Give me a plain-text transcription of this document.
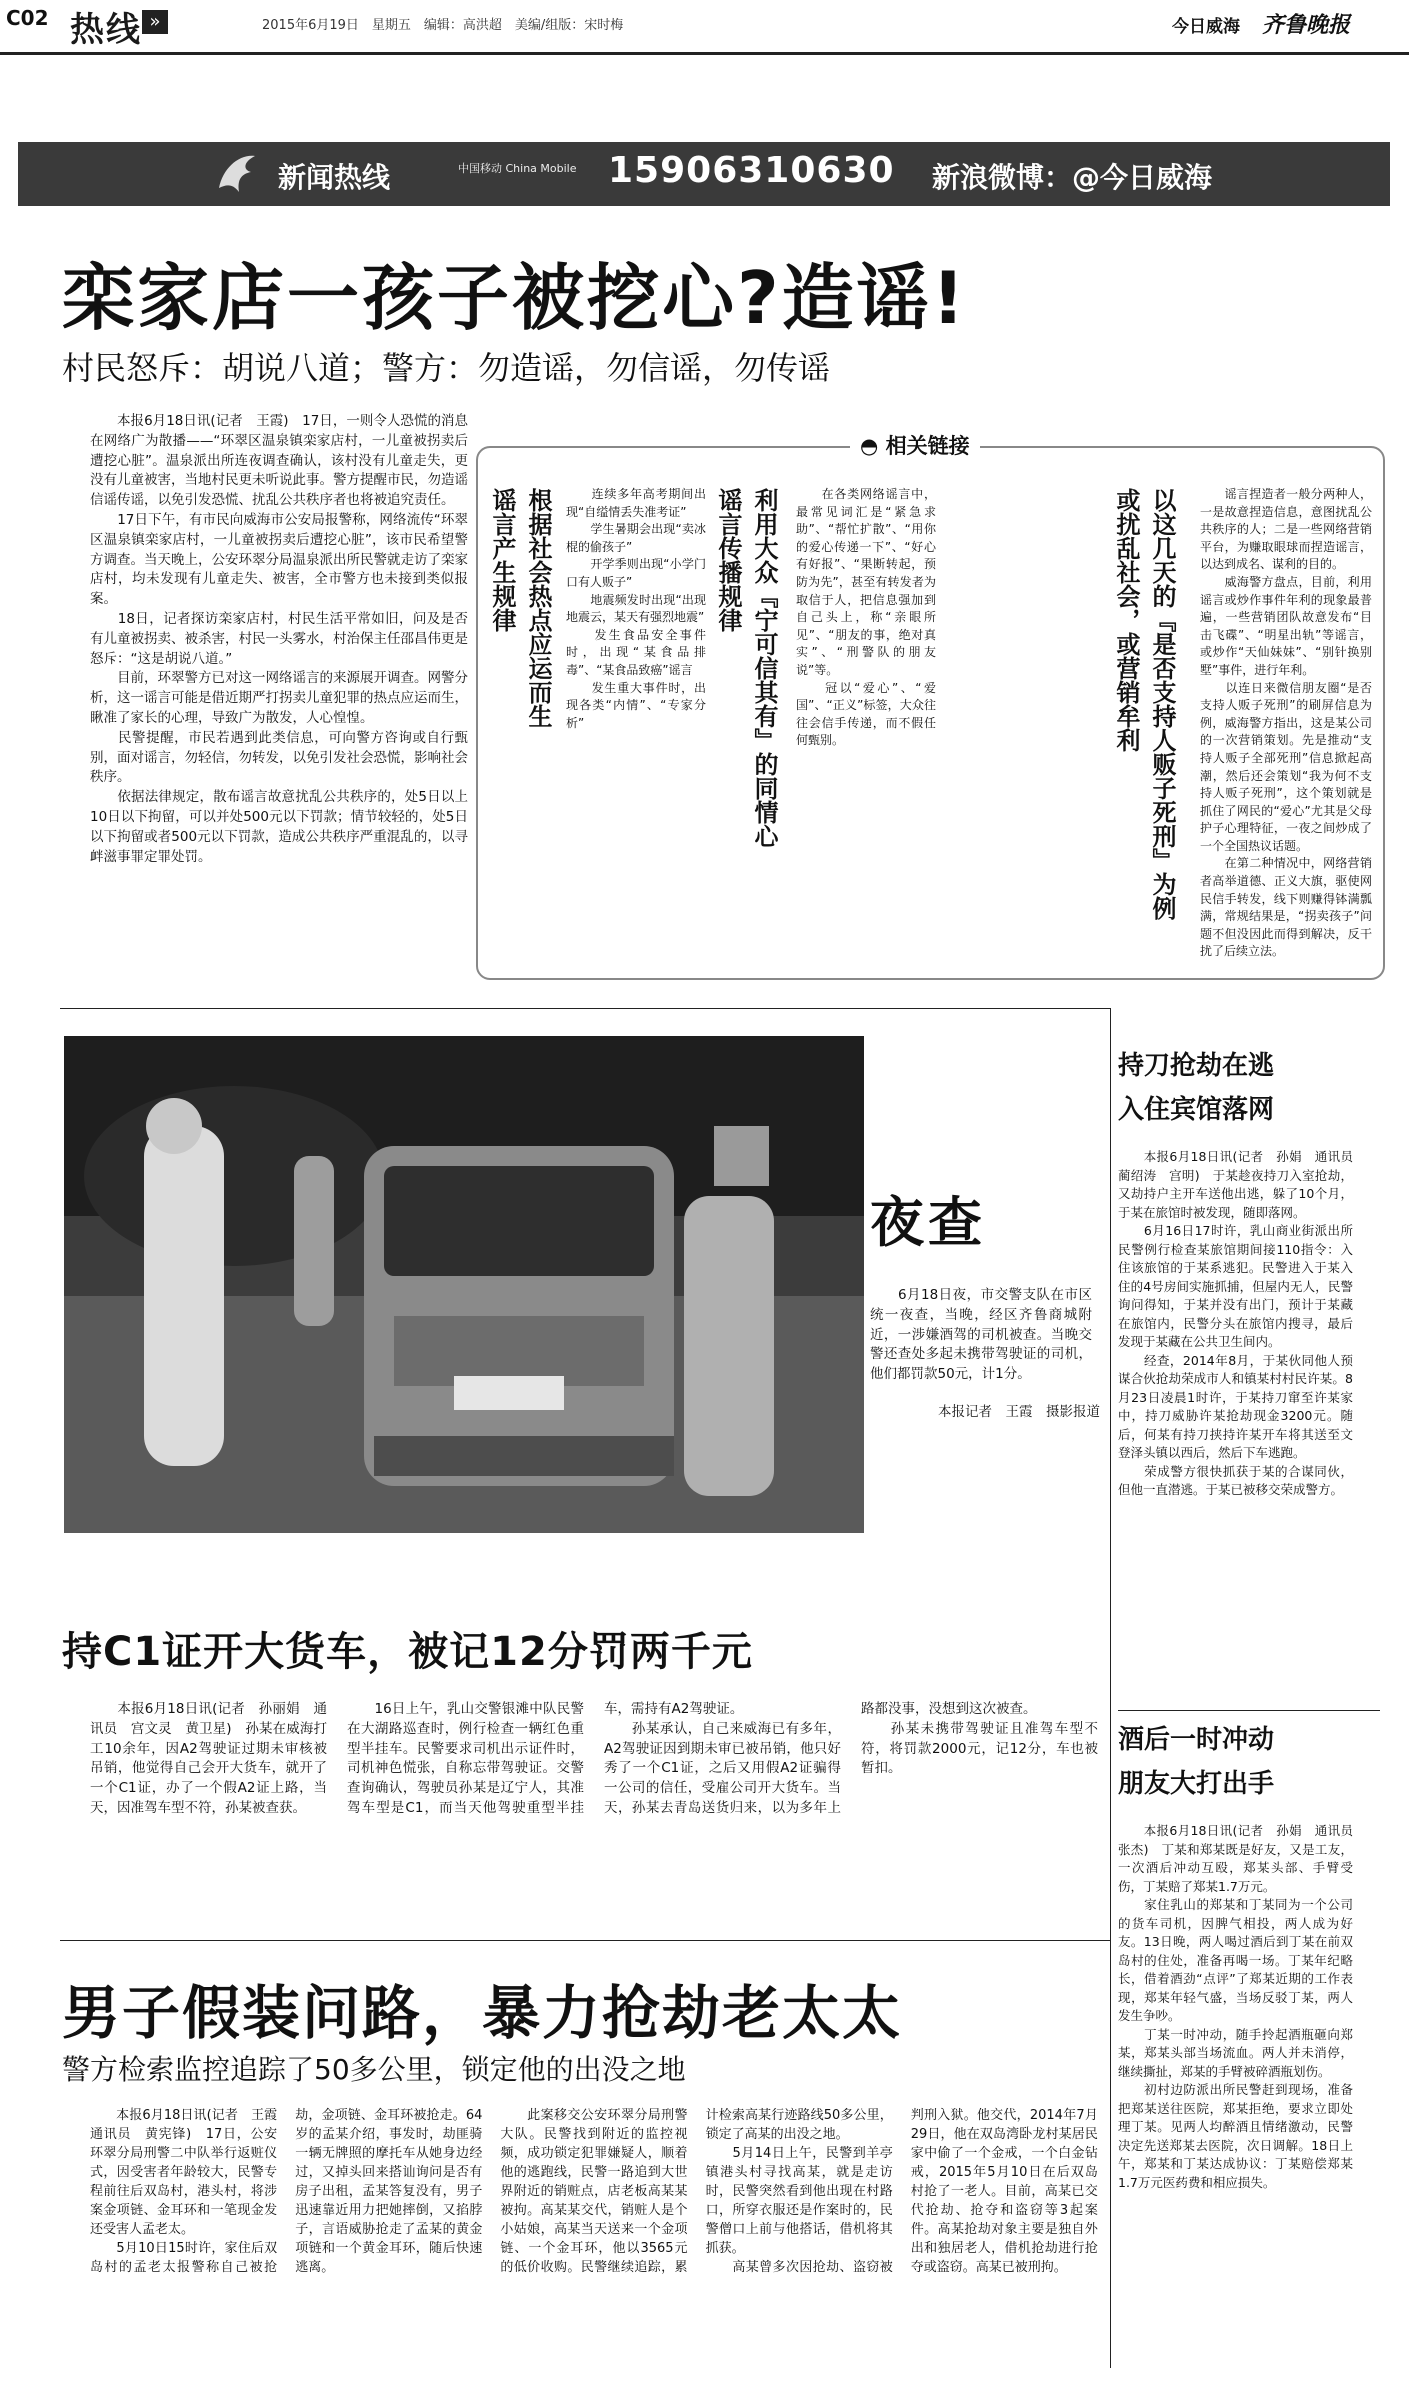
C02 热线 »	2015年6月19日　星期五　编辑：高洪超　美编/组版：宋时梅	今日威海 齐鲁晚报
新闻热线	中国移动 China Mobile 15906310630 新浪微博：@今日威海
栾家店一孩子被挖心?造谣!
村民怒斥：胡说八道；警方：勿造谣，勿信谣，勿传谣
　　本报6月18日讯(记者　王霞)　17日，一则令人恐慌的消息在网络广为散播——“环翠区温泉镇栾家店村，一儿童被拐卖后遭挖心脏”。温泉派出所连夜调查确认，该村没有儿童走失，更没有儿童被害，当地村民更未听说此事。警方提醒市民，勿造谣信谣传谣，以免引发恐慌、扰乱公共秩序者也将被追究责任。
　　17日下午，有市民向威海市公安局报警称，网络流传“环翠区温泉镇栾家店村，一儿童被拐卖后遭挖心脏”，该市民希望警方调查。当天晚上，公安环翠分局温泉派出所民警就走访了栾家店村，均未发现有儿童走失、被害，全市警方也未接到类似报案。
　　18日，记者探访栾家店村，村民生活平常如旧，问及是否有儿童被拐卖、被杀害，村民一头雾水，村治保主任邵昌伟更是怒斥：“这是胡说八道。”
　　目前，环翠警方已对这一网络谣言的来源展开调查。网警分析，这一谣言可能是借近期严打拐卖儿童犯罪的热点应运而生，瞅准了家长的心理，导致广为散发，人心惶惶。
　　民警提醒，市民若遇到此类信息，可向警方咨询或自行甄别，面对谣言，勿轻信，勿转发，以免引发社会恐慌，影响社会秩序。
　　依据法律规定，散布谣言故意扰乱公共秩序的，处5日以上10日以下拘留，可以并处500元以下罚款；情节较轻的，处5日以下拘留或者500元以下罚款，造成公共秩序严重混乱的，以寻衅滋事罪定罪处罚。
◓ 相关链接
以这几天的『是否支持人贩子死刑』为例
或扰乱社会，或营销牟利	　　谣言捏造者一般分两种人，一是故意捏造信息，意图扰乱公共秩序的人；二是一些网络营销平台，为赚取眼球而捏造谣言，以达到成名、谋利的目的。
　　威海警方盘点，目前，利用谣言或炒作事件年利的现象最普遍，一些营销团队故意发布“目击飞碟”、“明星出轨”等谣言，或炒作“天仙妹妹”、“别针换别墅”事件，进行年利。
　　以连日来微信朋友圈“是否支持人贩子死刑”的刷屏信息为例，威海警方指出，这是某公司的一次营销策划。先是推动“支持人贩子全部死刑”信息掀起高潮，然后还会策划“我为何不支持人贩子死刑”，这个策划就是抓住了网民的“爱心”尤其是父母护子心理特征，一夜之间炒成了一个全国热议话题。
　　在第二种情况中，网络营销者高举道德、正义大旗，驱使网民信手转发，线下则赚得钵满瓢满，常规结果是，“拐卖孩子”问题不但没因此而得到解决，反干扰了后续立法。
利用大众『宁可信其有』的同情心
谣言传播规律	　　在各类网络谣言中，最常见词汇是“紧急求助”、“帮忙扩散”、“用你的爱心传递一下”、“好心有好报”、“果断转起，预防为先”，甚至有转发者为取信于人，把信息强加到自己头上，称“亲眼所见”、“朋友的事，绝对真实”、“刑警队的朋友说”等。
　　冠以“爱心”、“爱国”、“正义”标签，大众往往会信手传递，而不假任何甄别。
根据社会热点应运而生
谣言产生规律	　　连续多年高考期间出现“自缢情丢失准考证”
　　学生暑期会出现“卖冰棍的偷孩子”
　　开学季则出现“小学门口有人贩子”
　　地震频发时出现“出现地震云，某天有强烈地震”
　　发生食品安全事件时，出现“某食品排毒”、“某食品致癌”谣言
　　发生重大事件时，出现各类“内情”、“专家分析”
夜查
　　6月18日夜，市交警支队在市区统一夜查，当晚，经区齐鲁商城附近，一涉嫌酒驾的司机被查。当晚交警还查处多起未携带驾驶证的司机，他们都罚款50元，计1分。
本报记者　王霞　摄影报道
持刀抢劫在逃
入住宾馆落网
　　本报6月18日讯(记者　孙娟　通讯员　蔺绍涛　宫明)　于某趁夜持刀入室抢劫，又劫持户主开车送他出逃，躲了10个月，于某在旅馆时被发现，随即落网。
　　6月16日17时许，乳山商业街派出所民警例行检查某旅馆期间接110指令：入住该旅馆的于某系逃犯。民警进入于某入住的4号房间实施抓捕，但屋内无人，民警询问得知，于某并没有出门，预计于某藏在旅馆内，民警分头在旅馆内搜寻，最后发现于某藏在公共卫生间内。
　　经查，2014年8月，于某伙同他人预谋合伙抢劫荣成市人和镇某村村民许某。8月23日凌晨1时许，于某持刀窜至许某家中，持刀威胁许某抢劫现金3200元。随后，何某有持刀挟持许某开车将其送至文登泽头镇以西后，然后下车逃跑。
　　荣成警方很快抓获于某的合谋同伙，但他一直潜逃。于某已被移交荣成警方。
持C1证开大货车，被记12分罚两千元
　　本报6月18日讯(记者　孙丽娟　通讯员　宫文灵　黄卫星)　孙某在威海打工10余年，因A2驾驶证过期未审核被吊销，他觉得自己会开大货车，就开了一个C1证，办了一个假A2证上路，当天，因准驾车型不符，孙某被查获。
　　16日上午，乳山交警银滩中队民警在大湖路巡查时，例行检查一辆红色重型半挂车。民警要求司机出示证件时，司机神色慌张，自称忘带驾驶证。交警查询确认，驾驶员孙某是辽宁人，其准驾车型是C1，而当天他驾驶重型半挂车，需持有A2驾驶证。
　　孙某承认，自己来威海已有多年，A2驾驶证因到期未审已被吊销，他只好秀了一个C1证，之后又用假A2证骗得一公司的信任，受雇公司开大货车。当天，孙某去青岛送货归来，以为多年上路都没事，没想到这次被查。
　　孙某未携带驾驶证且准驾车型不符，将罚款2000元，记12分，车也被暂扣。
酒后一时冲动
朋友大打出手
　　本报6月18日讯(记者　孙娟　通讯员　张杰)　丁某和郑某既是好友，又是工友，一次酒后冲动互殴，郑某头部、手臂受伤，丁某赔了郑某1.7万元。
　　家住乳山的郑某和丁某同为一个公司的货车司机，因脾气相投，两人成为好友。13日晚，两人喝过酒后到丁某在前双岛村的住处，准备再喝一场。丁某年纪略长，借着酒劲“点评”了郑某近期的工作表现，郑某年轻气盛，当场反驳丁某，两人发生争吵。
　　丁某一时冲动，随手拎起酒瓶砸向郑某，郑某头部当场流血。两人并未消停，继续撕扯，郑某的手臂被碎酒瓶划伤。
　　初村边防派出所民警赶到现场，准备把郑某送往医院，郑某拒绝，要求立即处理丁某。见两人均醉酒且情绪激动，民警决定先送郑某去医院，次日调解。18日上午，郑某和丁某达成协议：丁某赔偿郑某1.7万元医药费和相应损失。
男子假装问路，暴力抢劫老太太
警方检索监控追踪了50多公里，锁定他的出没之地
　　本报6月18日讯(记者　王霞　通讯员　黄宪锋)　17日，公安环翠分局刑警二中队举行返赃仪式，因受害者年龄较大，民警专程前往后双岛村，港头村，将涉案金项链、金耳环和一笔现金发还受害人孟老太。
　　5月10日15时许，家住后双岛村的孟老太报警称自己被抢劫，金项链、金耳环被抢走。64岁的孟某介绍，事发时，劫匪骑一辆无牌照的摩托车从她身边经过，又掉头回来搭讪询问是否有房子出租，孟某答复没有，男子迅速靠近用力把她摔倒，又掐脖子，言语威胁抢走了孟某的黄金项链和一个黄金耳环，随后快速逃离。
　　此案移交公安环翠分局刑警大队。民警找到附近的监控视频，成功锁定犯罪嫌疑人，顺着他的逃跑线，民警一路追到大世界附近的销赃点，店老板高某某被拘。高某某交代，销赃人是个小姑娘，高某当天送来一个金项链、一个金耳环，他以3565元的低价收购。民警继续追踪，累计检索高某行迹路线50多公里，锁定了高某的出没之地。
　　5月14日上午，民警到羊亭镇港头村寻找高某，就是走访时，民警突然看到他出现在村路口，所穿衣服还是作案时的，民警僧口上前与他搭话，借机将其抓获。
　　高某曾多次因抢劫、盗窃被判刑入狱。他交代，2014年7月29日，他在双岛湾卧龙村某居民家中偷了一个金戒，一个白金钻戒，2015年5月10日在后双岛村抢了一老人。目前，高某已交代抢劫、抢夺和盗窃等3起案件。高某抢劫对象主要是独自外出和独居老人，借机抢劫进行抢夺或盗窃。高某已被刑拘。
